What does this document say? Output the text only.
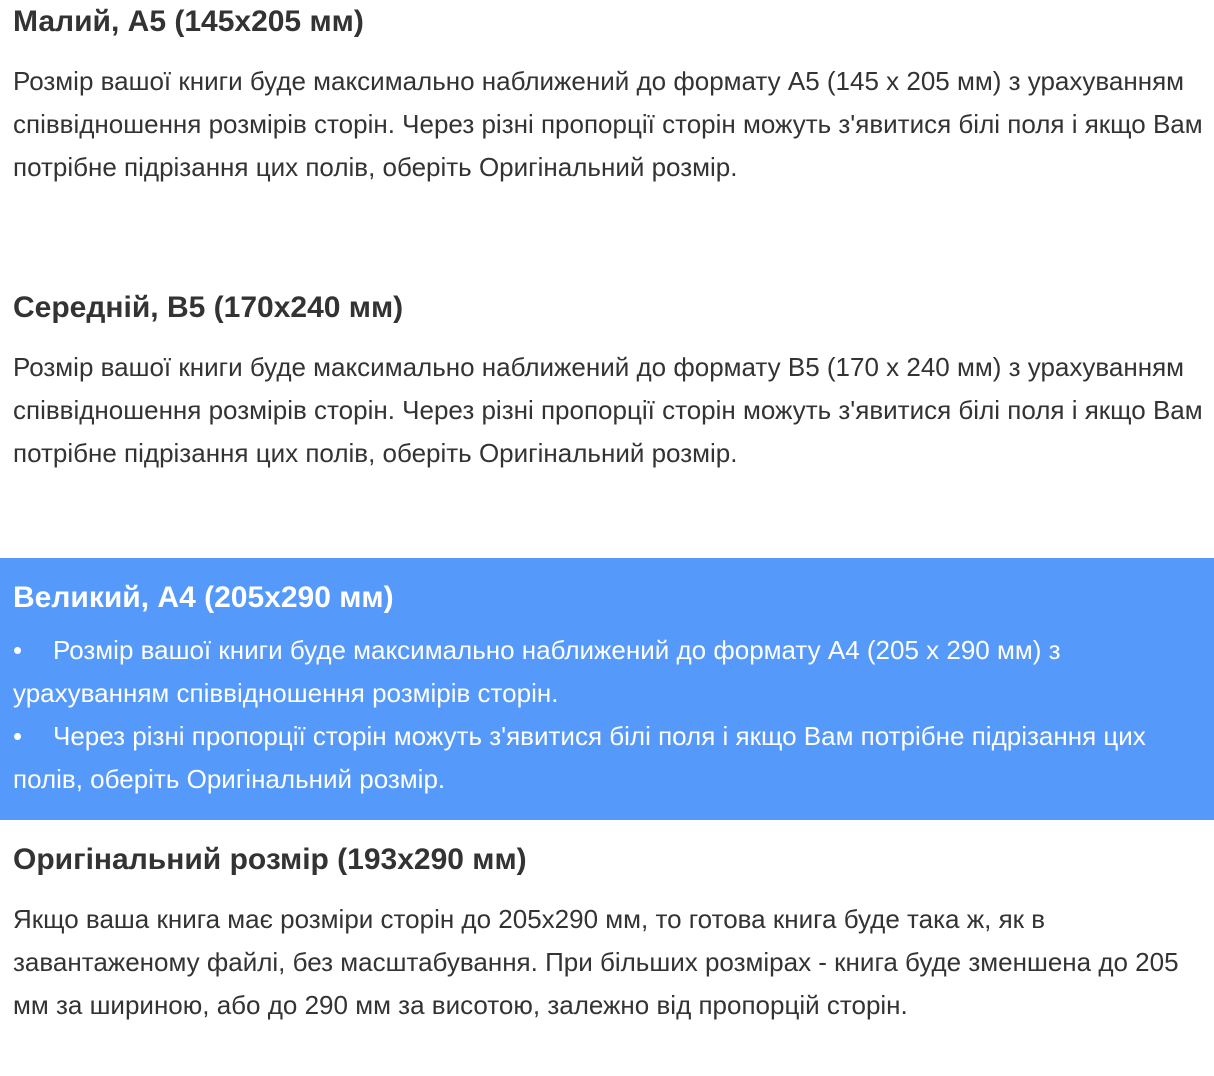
Малий, А5 (145х205 мм)

Розмір вашої книги буде максимально наближений до формату А5 (145 х 205 мм) з урахуванням співвідношення розмірів сторін. Через різні пропорції сторін можуть з'явитися білі поля і якщо Вам потрібне підрізання цих полів, оберіть Оригінальний розмір.

Середній, В5 (170х240 мм)

Розмір вашої книги буде максимально наближений до формату В5 (170 х 240 мм) з урахуванням співвідношення розмірів сторін. Через різні пропорції сторін можуть з'явитися білі поля і якщо Вам потрібне підрізання цих полів, оберіть Оригінальний розмір.

Великий, А4 (205х290 мм)

• Розмір вашої книги буде максимально наближений до формату А4 (205 х 290 мм) з урахуванням співвідношення розмірів сторін.

• Через різні пропорції сторін можуть з'явитися білі поля і якщо Вам потрібне підрізання цих полів, оберіть Оригінальний розмір.

Оригінальний розмір (193х290 мм)

Якщо ваша книга має розміри сторін до 205х290 мм, то готова книга буде така ж, як в завантаженому файлі, без масштабування. При більших розмірах - книга буде зменшена до 205 мм за шириною, або до 290 мм за висотою, залежно від пропорцій сторін.
